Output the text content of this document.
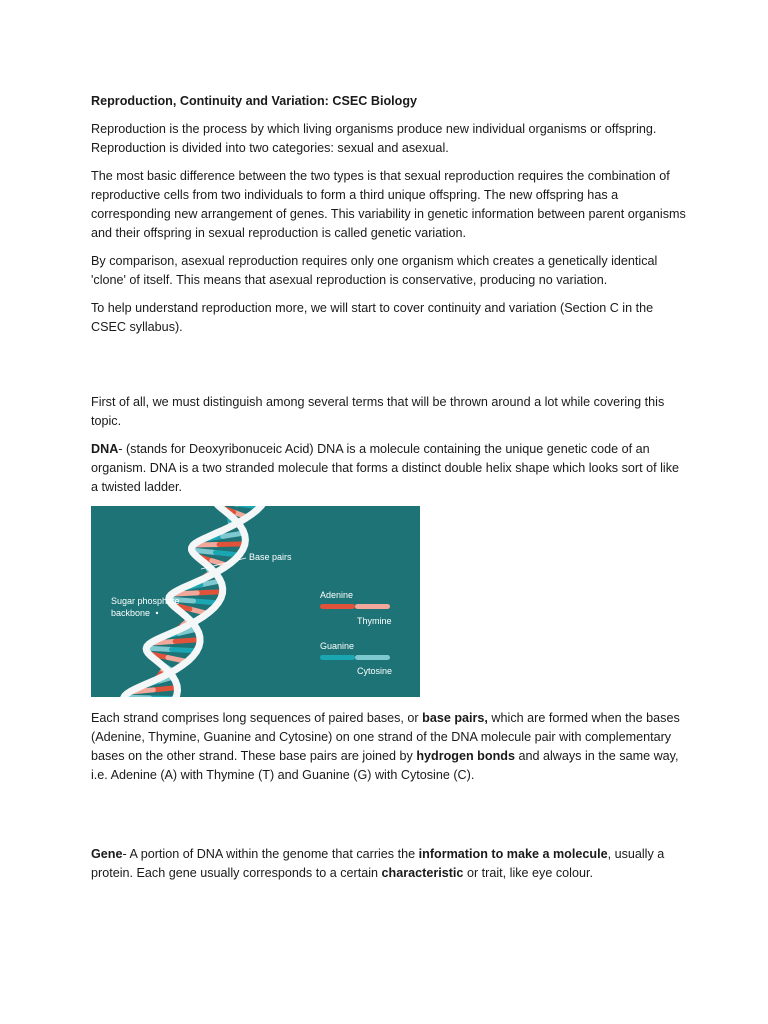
Reproduction, Continuity and Variation: CSEC Biology

Reproduction is the process by which living organisms produce new individual organisms or offspring. Reproduction is divided into two categories: sexual and asexual.

The most basic difference between the two types is that sexual reproduction requires the combination of reproductive cells from two individuals to form a third unique offspring. The new offspring has a corresponding new arrangement of genes. This variability in genetic information between parent organisms and their offspring in sexual reproduction is called genetic variation.

By comparison, asexual reproduction requires only one organism which creates a genetically identical 'clone' of itself. This means that asexual reproduction is conservative, producing no variation.

To help understand reproduction more, we will start to cover continuity and variation (Section C in the CSEC syllabus).

First of all, we must distinguish among several terms that will be thrown around a lot while covering this topic.

DNA- (stands for Deoxyribonuceic Acid) DNA is a molecule containing the unique genetic code of an organism. DNA is a two stranded molecule that forms a distinct double helix shape which looks sort of like a twisted ladder.

Base pairs
Sugar phosphate
backbone
Adenine
Thymine
Guanine
Cytosine

Each strand comprises long sequences of paired bases, or base pairs, which are formed when the bases (Adenine, Thymine, Guanine and Cytosine) on one strand of the DNA molecule pair with complementary bases on the other strand. These base pairs are joined by hydrogen bonds and always in the same way, i.e. Adenine (A) with Thymine (T) and Guanine (G) with Cytosine (C).

Gene- A portion of DNA within the genome that carries the information to make a molecule, usually a protein. Each gene usually corresponds to a certain characteristic or trait, like eye colour.
